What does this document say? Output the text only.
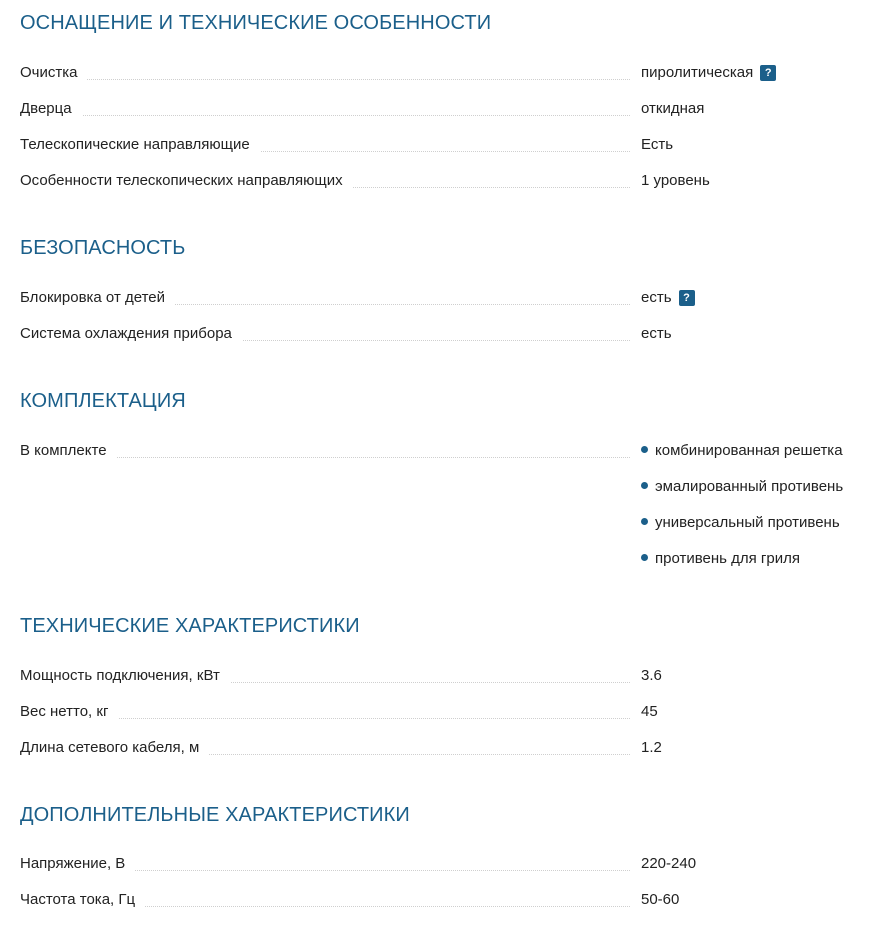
ОСНАЩЕНИЕ И ТЕХНИЧЕСКИЕ ОСОБЕННОСТИ
Очистка	пиролитическая ?
Дверца	откидная
Телескопические направляющие	Есть
Особенности телескопических направляющих	1 уровень
БЕЗОПАСНОСТЬ
Блокировка от детей	есть ?
Система охлаждения прибора	есть
КОМПЛЕКТАЦИЯ
В комплекте	комбинированная решетка
эмалированный противень
универсальный противень
противень для гриля
ТЕХНИЧЕСКИЕ ХАРАКТЕРИСТИКИ
Мощность подключения, кВт	3.6
Вес нетто, кг	45
Длина сетевого кабеля, м	1.2
ДОПОЛНИТЕЛЬНЫЕ ХАРАКТЕРИСТИКИ
Напряжение, В	220-240
Частота тока, Гц	50-60
